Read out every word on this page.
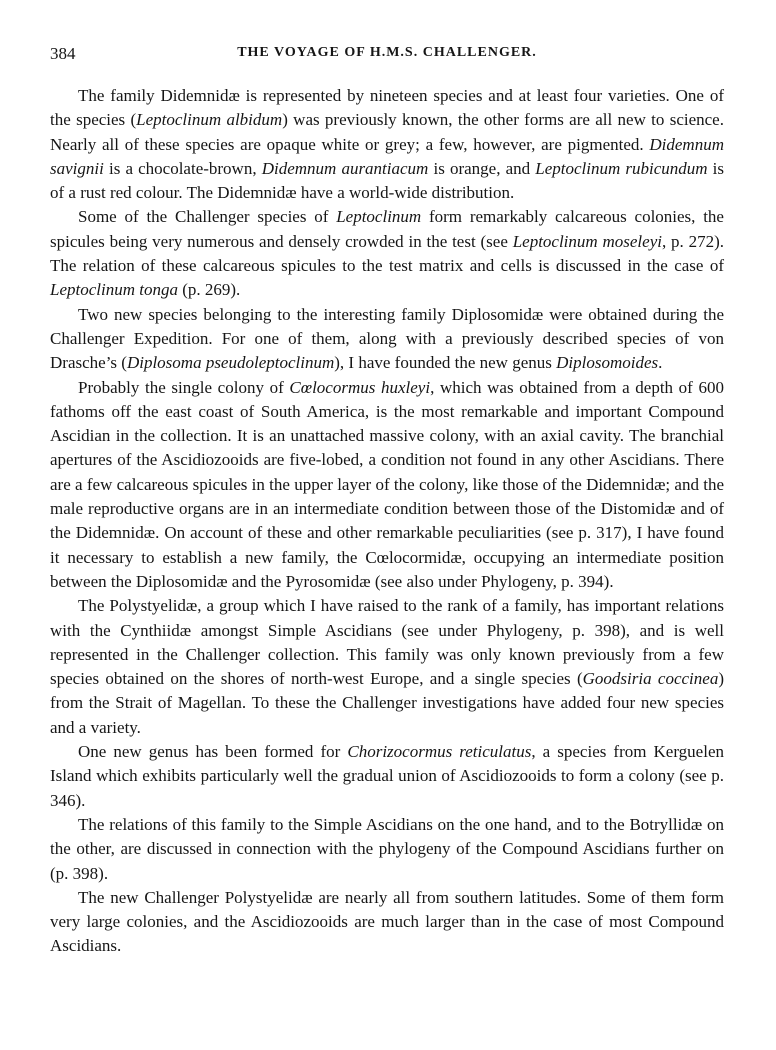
384	THE VOYAGE OF H.M.S. CHALLENGER.

The family Didemnidæ is represented by nineteen species and at least four varieties. One of the species (Leptoclinum albidum) was previously known, the other forms are all new to science. Nearly all of these species are opaque white or grey; a few, however, are pigmented. Didemnum savignii is a chocolate-brown, Didemnum aurantiacum is orange, and Leptoclinum rubicundum is of a rust red colour. The Didemnidæ have a world-wide distribution.

Some of the Challenger species of Leptoclinum form remarkably calcareous colonies, the spicules being very numerous and densely crowded in the test (see Leptoclinum moseleyi, p. 272). The relation of these calcareous spicules to the test matrix and cells is discussed in the case of Leptoclinum tonga (p. 269).

Two new species belonging to the interesting family Diplosomidæ were obtained during the Challenger Expedition. For one of them, along with a previously described species of von Drasche’s (Diplosoma pseudoleptoclinum), I have founded the new genus Diplosomoides.

Probably the single colony of Cœlocormus huxleyi, which was obtained from a depth of 600 fathoms off the east coast of South America, is the most remarkable and important Compound Ascidian in the collection. It is an unattached massive colony, with an axial cavity. The branchial apertures of the Ascidiozooids are five-lobed, a condition not found in any other Ascidians. There are a few calcareous spicules in the upper layer of the colony, like those of the Didemnidæ; and the male reproductive organs are in an intermediate condition between those of the Distomidæ and of the Didemnidæ. On account of these and other remarkable peculiarities (see p. 317), I have found it necessary to establish a new family, the Cœlocormidæ, occupying an intermediate position between the Diplosomidæ and the Pyrosomidæ (see also under Phylogeny, p. 394).

The Polystyelidæ, a group which I have raised to the rank of a family, has important relations with the Cynthiidæ amongst Simple Ascidians (see under Phylogeny, p. 398), and is well represented in the Challenger collection. This family was only known previously from a few species obtained on the shores of north-west Europe, and a single species (Goodsiria coccinea) from the Strait of Magellan. To these the Challenger investigations have added four new species and a variety.

One new genus has been formed for Chorizocormus reticulatus, a species from Kerguelen Island which exhibits particularly well the gradual union of Ascidiozooids to form a colony (see p. 346).

The relations of this family to the Simple Ascidians on the one hand, and to the Botryllidæ on the other, are discussed in connection with the phylogeny of the Compound Ascidians further on (p. 398).

The new Challenger Polystyelidæ are nearly all from southern latitudes. Some of them form very large colonies, and the Ascidiozooids are much larger than in the case of most Compound Ascidians.
